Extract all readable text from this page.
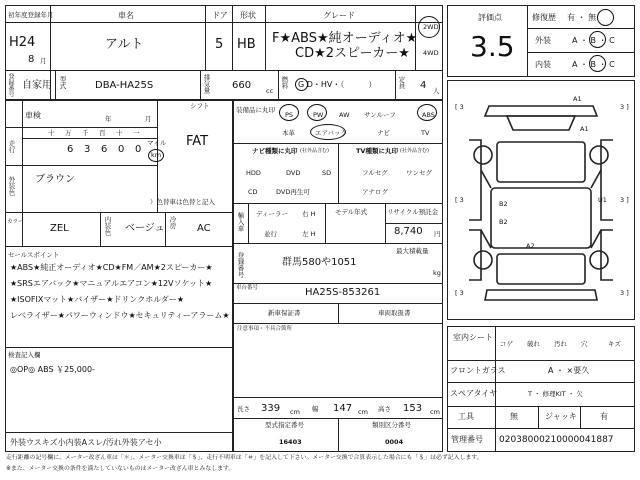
初年度登録年月
H24
8 月
車名
アルト
ドア
5
形状
HB
グレード
F★ABS★純オーディオ★
CD★2スピーカー★
2WD
4WD
登録番号 自家用 型式	DBA-HA25S	排気量 660 cc
燃料 G D・HV・（　　　）	定員 4 人
評価点
3.5
修復歴 有 ・ 無
外装	A ・ B ・ C
内装	A ・ B ・ C
車検	年	月
シフト
FAT
走行
十 万 千 百 十 一
6 3 6 0 0
マイル
km
外装色 ブラウン
）色替車は色替と記入
カラー
ZEL	内装色 ベージュ 冷房 AC
セールスポイント
★ABS★純正オーディオ★CD★FM／AM★2スピーカー★
★SRSエアバック★マニュアルエアコン★12Vソケット★
★ISOFIXマット★バイザー★ドリンクホルダー★
レベライザー★パワーウィンドウ★セキュリティーアラーム★
検査記入欄
◎OP◎ ABS ￥25,000-
外装ウスキズ小内装Aスレ/汚れ外装アセ小
装備品に丸印
PS	PW AW サンルーフ	ABS
本革	エアバック	ナビ	TV
ナビ種類に丸印 (社外品含む)
HDD	DVD	SD
CD	DVD再生可
TV種類に丸印 (社外品含む)
フルセグ	ワンセグ
アナログ
輸入車 ディーラー
並行
右 H
左 H
モデル年式	リサイクル預託金
8,740 円
最大積載量
kg
登録番号	群馬580や1051
車台番号	HA25S-853261
新車保証書	車両取扱書
注意事項・不具合箇所
長さ 339 cm 幅 147 cm 高さ 153 cm
型式指定番号
16403
類別区分番号
0004
A1
A1
U1
B2
B2
A2
[ 3	3 ]
[ 3	3 ]
[ 3	3 ]
室内シート
コゲ 破れ 汚れ 穴	キズ
フロントガラス	A ・ ×要久
スペアタイヤ	T ・ 修理KIT ・ 欠
工具	無	ジャッキ	有
管理番号 02038000210000041887
走行距離の記号欄に、メーター改ざん車は「＊」、メーター交換車は「＄」、走行不明車は「＃」を記入して下さい。メーター交換で合算表示した場合にも「＄」は必ず記入します。
※また、メーター交換の条件を満たしていないものはメーター改ざん車とみなします。
